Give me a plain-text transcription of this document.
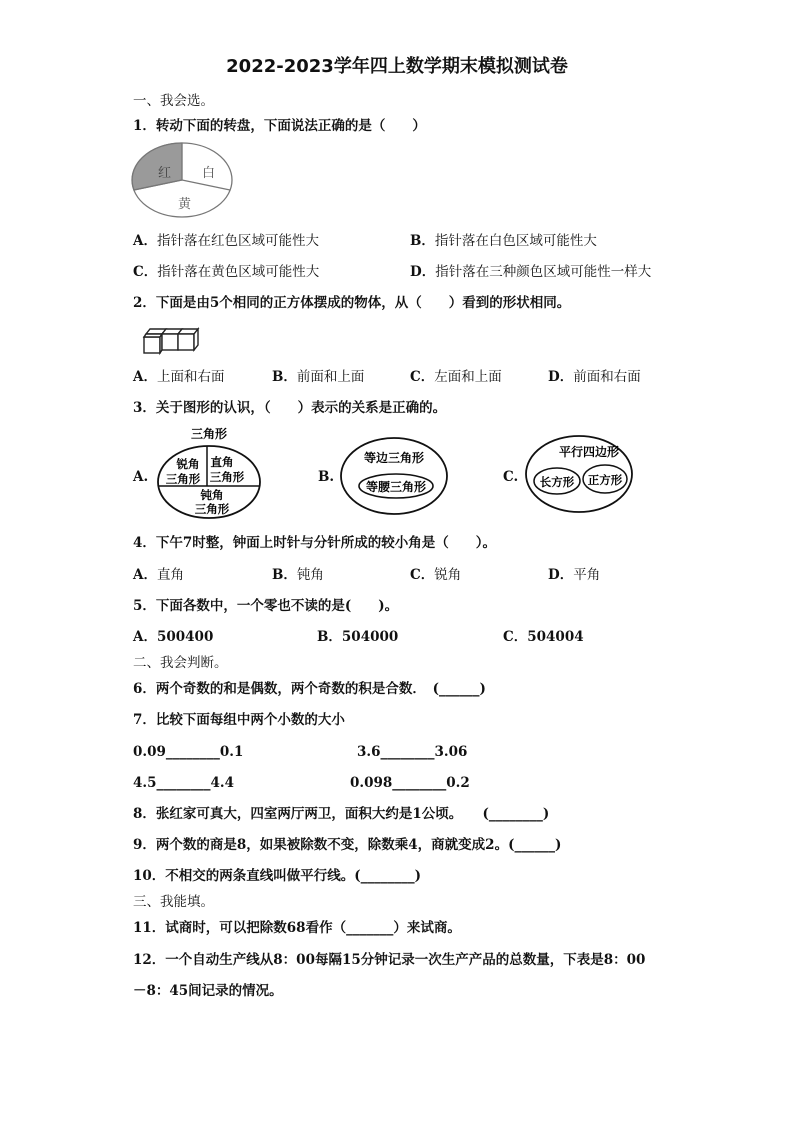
2022-2023学年四上数学期末模拟测试卷
一、我会选。
1．转动下面的转盘，下面说法正确的是（　　）
红 白
黄
A．指针落在红色区域可能性大	B．指针落在白色区域可能性大
C．指针落在黄色区域可能性大	D．指针落在三种颜色区域可能性一样大
2．下面是由5个相同的正方体摆成的物体，从（　　）看到的形状相同。
A．上面和右面	B．前面和上面	C．左面和上面	D．前面和右面
3．关于图形的认识，（　　）表示的关系是正确的。
A.
三角形
锐角
三角形
直角
三角形
钝角
三角形
B.
等边三角形
等腰三角形
C.
平行四边形
长方形 正方形
4．下午7时整，钟面上时针与分针所成的较小角是（　　）。
A．直角	B．钝角	C．锐角	D．平角
5．下面各数中，一个零也不读的是(　　)。
A．500400	B．504000	C．504004
二、我会判断。
6．两个奇数的和是偶数，两个奇数的积是合数．　(______)
7．比较下面每组中两个小数的大小
0.09________0.1	3.6________3.06
4.5________4.4	0.098________0.2
8．张红家可真大，四室两厅两卫，面积大约是1公顷。　　(________)
9．两个数的商是8，如果被除数不变，除数乘4，商就变成2。(______)
10．不相交的两条直线叫做平行线。(________)
三、我能填。
11．试商时，可以把除数68看作（_______）来试商。
12．一个自动生产线从8：00每隔15分钟记录一次生产产品的总数量，下表是8：00
－8：45间记录的情况。
